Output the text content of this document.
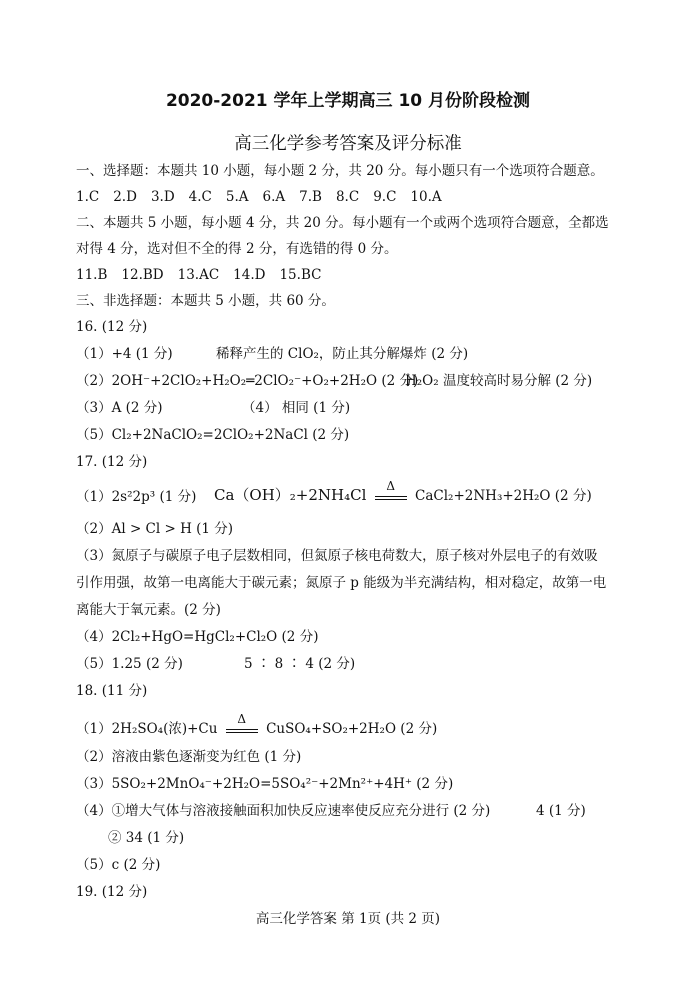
2020-2021 学年上学期高三 10 月份阶段检测
高三化学参考答案及评分标准
一、选择题：本题共 10 小题，每小题 2 分，共 20 分。每小题只有一个选项符合题意。
1.C 2.D 3.D 4.C 5.A 6.A 7.B 8.C 9.C 10.A
二、本题共 5 小题，每小题 4 分，共 20 分。每小题有一个或两个选项符合题意，全都选
对得 4 分，选对但不全的得 2 分，有选错的得 0 分。
11.B 12.BD 13.AC 14.D 15.BC
三、非选择题：本题共 5 小题，共 60 分。
16. (12 分)
（1）+4 (1 分)	稀释产生的 ClO₂，防止其分解爆炸 (2 分)
（2）2OH⁻+2ClO₂+H₂O₂═2ClO₂⁻+O₂+2H₂O (2 分)
H₂O₂ 温度较高时易分解 (2 分)
（3）A (2 分)	（4） 相同 (1 分)
（5）Cl₂+2NaClO₂=2ClO₂+2NaCl (2 分)
17. (12 分)
（1）2s²2p³ (1 分) Ca（OH）₂+2NH₄Cl
Δ
CaCl₂+2NH₃+2H₂O (2 分)
（2）Al > Cl > H (1 分)
（3）氮原子与碳原子电子层数相同，但氮原子核电荷数大，原子核对外层电子的有效吸
引作用强，故第一电离能大于碳元素；氮原子 p 能级为半充满结构，相对稳定，故第一电
离能大于氧元素。(2 分)
（4）2Cl₂+HgO=HgCl₂+Cl₂O (2 分)
（5）1.25 (2 分)	5 ∶ 8 ∶ 4 (2 分)
18. (11 分)
（1）2H₂SO₄(浓)+Cu
Δ
CuSO₄+SO₂+2H₂O (2 分)
（2）溶液由紫色逐渐变为红色 (1 分)
（3）5SO₂+2MnO₄⁻+2H₂O=5SO₄²⁻+2Mn²⁺+4H⁺ (2 分)
（4）①增大气体与溶液接触面积加快反应速率使反应充分进行 (2 分)	4 (1 分)
② 34 (1 分)
（5）c (2 分)
19. (12 分)
高三化学答案 第 1页 (共 2 页)
